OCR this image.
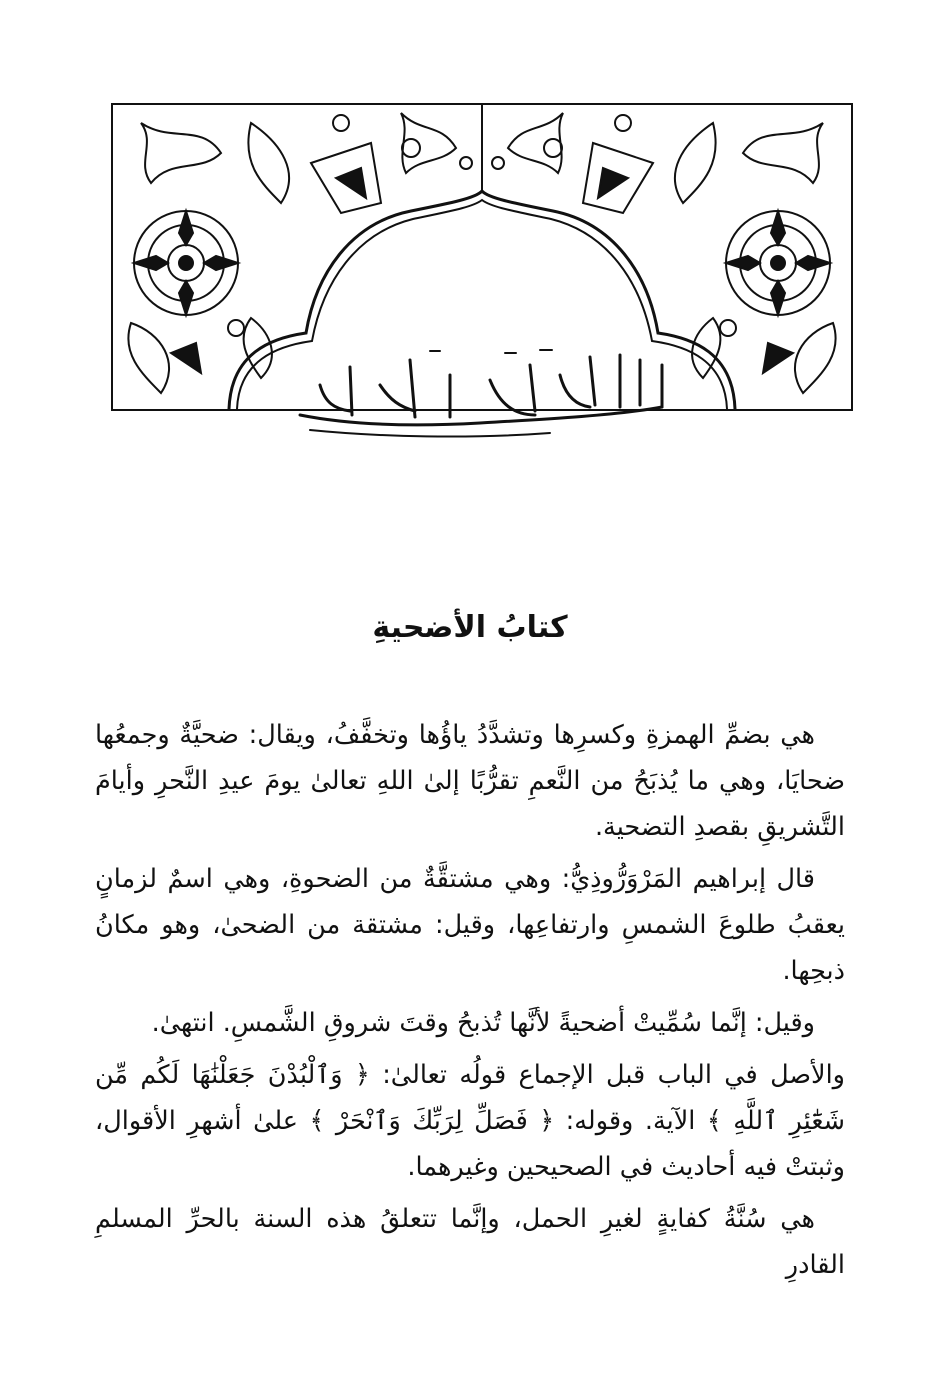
كتابُ الأضحيةِ

هي بضمِّ الهمزةِ وكسرِها وتشدَّدُ ياؤُها وتخفَّفُ، ويقال: ضحيَّةٌ وجمعُها ضحايَا، وهي ما يُذبَحُ من النَّعمِ تقرُّبًا إلىٰ اللهِ تعالىٰ يومَ عيدِ النَّحرِ وأيامَ التَّشريقِ بقصدِ التضحية.

قال إبراهيم المَرْوَرُّوذِيُّ: وهي مشتقَّةٌ من الضحوةِ، وهي اسمٌ لزمانٍ يعقبُ طلوعَ الشمسِ وارتفاعِها، وقيل: مشتقة من الضحىٰ، وهو مكانُ ذبحِها.

وقيل: إنَّما سُمِّيتْ أضحيةً لأنَّها تُذبحُ وقتَ شروقِ الشَّمسِ. انتهىٰ.

والأصل في الباب قبل الإجماع قولُه تعالىٰ: ﴿ وَٱلْبُدْنَ جَعَلْنَٰهَا لَكُم مِّن شَعَٰٓئِرِ ٱللَّهِ ﴾ الآية. وقوله: ﴿ فَصَلِّ لِرَبِّكَ وَٱنْحَرْ ﴾ علىٰ أشهرِ الأقوال، وثبتتْ فيه أحاديث في الصحيحين وغيرهما.

هي سُنَّةُ كفايةٍ لغيرِ الحمل، وإنَّما تتعلقُ هذه السنة بالحرِّ المسلمِ القادرِ
